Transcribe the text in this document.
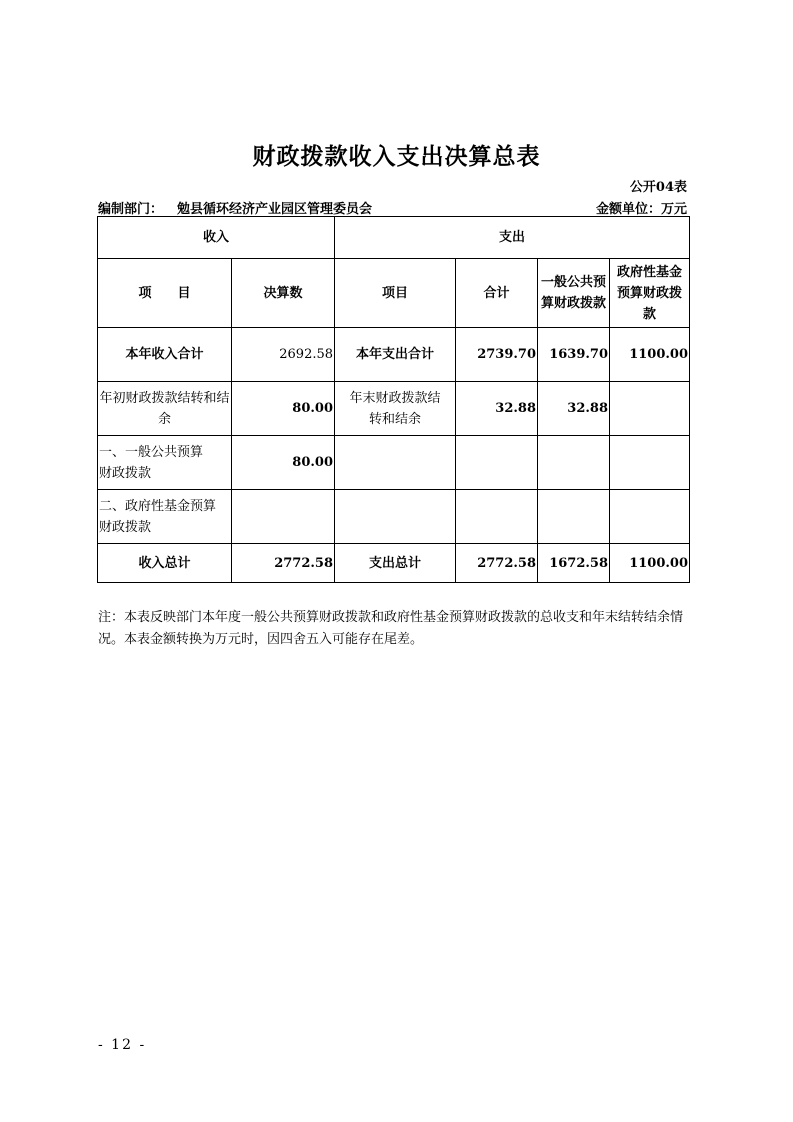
财政拨款收入支出决算总表
公开04表
编制部门： 勉县循环经济产业园区管理委员会	金额单位：万元
收入		支出			
项　　目	决算数	项目	合计	一般公共预算财政拨款	政府性基金预算财政拨款
本年收入合计	2692.58	本年支出合计	2739.70	1639.70	1100.00
年初财政拨款结转和结余	80.00	年末财政拨款结转和结余	32.88	32.88	
一、一般公共预算财政拨款	80.00				
二、政府性基金预算财政拨款					
收入总计	2772.58	支出总计	2772.58	1672.58	1100.00
注：本表反映部门本年度一般公共预算财政拨款和政府性基金预算财政拨款的总收支和年末结转结余情况。本表金额转换为万元时，因四舍五入可能存在尾差。
- 12 -
